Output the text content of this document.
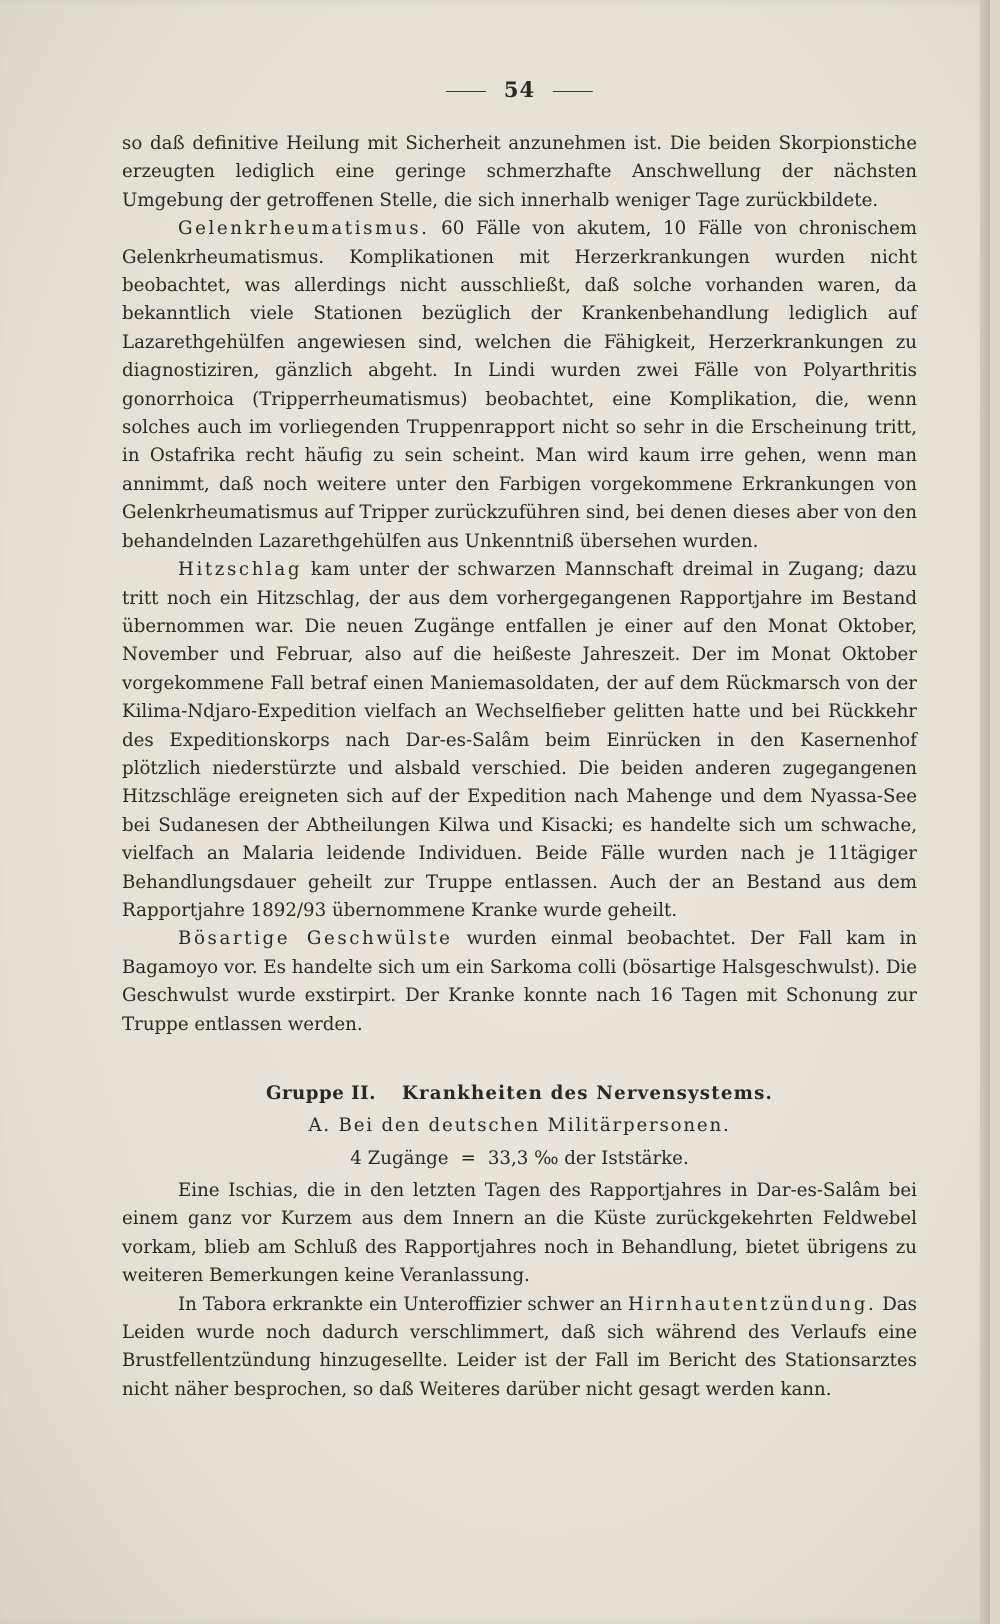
54

so daß definitive Heilung mit Sicherheit anzunehmen ist. Die beiden Skorpionstiche erzeugten lediglich eine geringe schmerzhafte Anschwellung der nächsten Umgebung der getroffenen Stelle, die sich innerhalb weniger Tage zurückbildete.

Gelenkrheumatismus. 60 Fälle von akutem, 10 Fälle von chronischem Gelenkrheumatismus. Komplikationen mit Herzerkrankungen wurden nicht beobachtet, was allerdings nicht ausschließt, daß solche vorhanden waren, da bekanntlich viele Stationen bezüglich der Krankenbehandlung lediglich auf Lazarethgehülfen angewiesen sind, welchen die Fähigkeit, Herzerkrankungen zu diagnostiziren, gänzlich abgeht. In Lindi wurden zwei Fälle von Polyarthritis gonorrhoica (Tripperrheumatismus) beobachtet, eine Komplikation, die, wenn solches auch im vorliegenden Truppenrapport nicht so sehr in die Erscheinung tritt, in Ostafrika recht häufig zu sein scheint. Man wird kaum irre gehen, wenn man annimmt, daß noch weitere unter den Farbigen vorgekommene Erkrankungen von Gelenkrheumatismus auf Tripper zurückzuführen sind, bei denen dieses aber von den behandelnden Lazarethgehülfen aus Unkenntniß übersehen wurden.

Hitzschlag kam unter der schwarzen Mannschaft dreimal in Zugang; dazu tritt noch ein Hitzschlag, der aus dem vorhergegangenen Rapportjahre im Bestand übernommen war. Die neuen Zugänge entfallen je einer auf den Monat Oktober, November und Februar, also auf die heißeste Jahreszeit. Der im Monat Oktober vorgekommene Fall betraf einen Maniemasoldaten, der auf dem Rückmarsch von der Kilima-Ndjaro-Expedition vielfach an Wechselfieber gelitten hatte und bei Rückkehr des Expeditionskorps nach Dar-es-Salâm beim Einrücken in den Kasernenhof plötzlich niederstürzte und alsbald verschied. Die beiden anderen zugegangenen Hitzschläge ereigneten sich auf der Expedition nach Mahenge und dem Nyassa-See bei Sudanesen der Abtheilungen Kilwa und Kisacki; es handelte sich um schwache, vielfach an Malaria leidende Individuen. Beide Fälle wurden nach je 11tägiger Behandlungsdauer geheilt zur Truppe entlassen. Auch der an Bestand aus dem Rapportjahre 1892/93 übernommene Kranke wurde geheilt.

Bösartige Geschwülste wurden einmal beobachtet. Der Fall kam in Bagamoyo vor. Es handelte sich um ein Sarkoma colli (bösartige Halsgeschwulst). Die Geschwulst wurde exstirpirt. Der Kranke konnte nach 16 Tagen mit Schonung zur Truppe entlassen werden.

Gruppe II. Krankheiten des Nervensystems.
A. Bei den deutschen Militärpersonen.
4 Zugänge = 33,3 ‰ der Iststärke.

Eine Ischias, die in den letzten Tagen des Rapportjahres in Dar-es-Salâm bei einem ganz vor Kurzem aus dem Innern an die Küste zurückgekehrten Feldwebel vorkam, blieb am Schluß des Rapportjahres noch in Behandlung, bietet übrigens zu weiteren Bemerkungen keine Veranlassung.

In Tabora erkrankte ein Unteroffizier schwer an Hirnhautentzündung. Das Leiden wurde noch dadurch verschlimmert, daß sich während des Verlaufs eine Brustfellentzündung hinzugesellte. Leider ist der Fall im Bericht des Stationsarztes nicht näher besprochen, so daß Weiteres darüber nicht gesagt werden kann.
